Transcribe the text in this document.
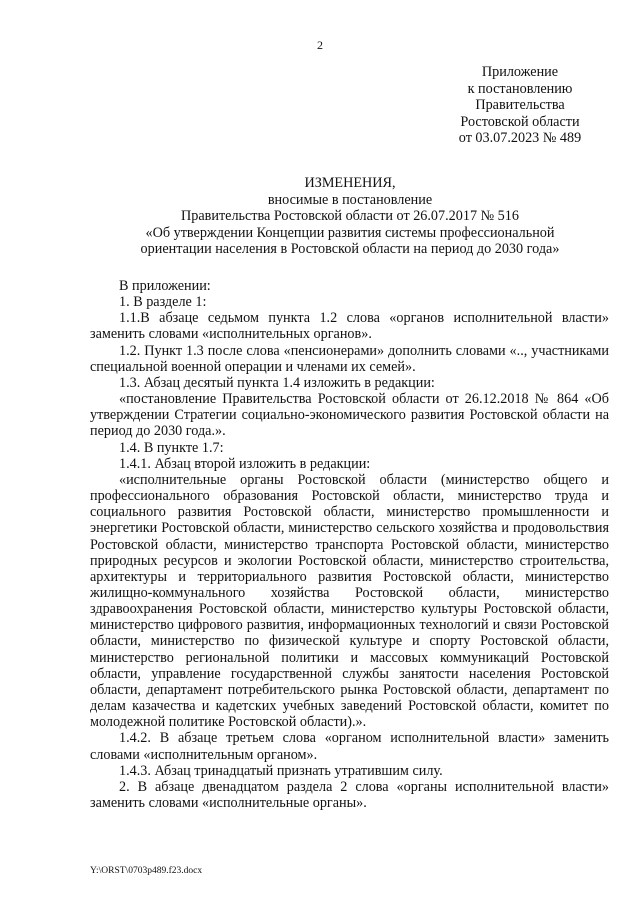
2
Приложение
к постановлению
Правительства
Ростовской области
от 03.07.2023 № 489
ИЗМЕНЕНИЯ,
вносимые в постановление
Правительства Ростовской области от 26.07.2017 № 516
«Об утверждении Концепции развития системы профессиональной
ориентации населения в Ростовской области на период до 2030 года»
В приложении:
1. В разделе 1:
1.1.В абзаце седьмом пункта 1.2 слова «органов исполнительной власти» заменить словами «исполнительных органов».
1.2. Пункт 1.3 после слова «пенсионерами» дополнить словами «.., участниками специальной военной операции и членами их семей».
1.3. Абзац десятый пункта 1.4 изложить в редакции:
«постановление Правительства Ростовской области от 26.12.2018 № 864 «Об утверждении Стратегии социально-экономического развития Ростовской области на период до 2030 года.».
1.4. В пункте 1.7:
1.4.1. Абзац второй изложить в редакции:
«исполнительные органы Ростовской области (министерство общего и профессионального образования Ростовской области, министерство труда и социального развития Ростовской области, министерство промышленности и энергетики Ростовской области, министерство сельского хозяйства и продовольствия Ростовской области, министерство транспорта Ростовской области, министерство природных ресурсов и экологии Ростовской области, министерство строительства, архитектуры и территориального развития Ростовской области, министерство жилищно-коммунального хозяйства Ростовской области, министерство здравоохранения Ростовской области, министерство культуры Ростовской области, министерство цифрового развития, информационных технологий и связи Ростовской области, министерство по физической культуре и спорту Ростовской области, министерство региональной политики и массовых коммуникаций Ростовской области, управление государственной службы занятости населения Ростовской области, департамент потребительского рынка Ростовской области, департамент по делам казачества и кадетских учебных заведений Ростовской области, комитет по молодежной политике Ростовской области).».
1.4.2. В абзаце третьем слова «органом исполнительной власти» заменить словами «исполнительным органом».
1.4.3. Абзац тринадцатый признать утратившим силу.
2. В абзаце двенадцатом раздела 2 слова «органы исполнительной власти» заменить словами «исполнительные органы».
Y:\ORST\0703p489.f23.docx
